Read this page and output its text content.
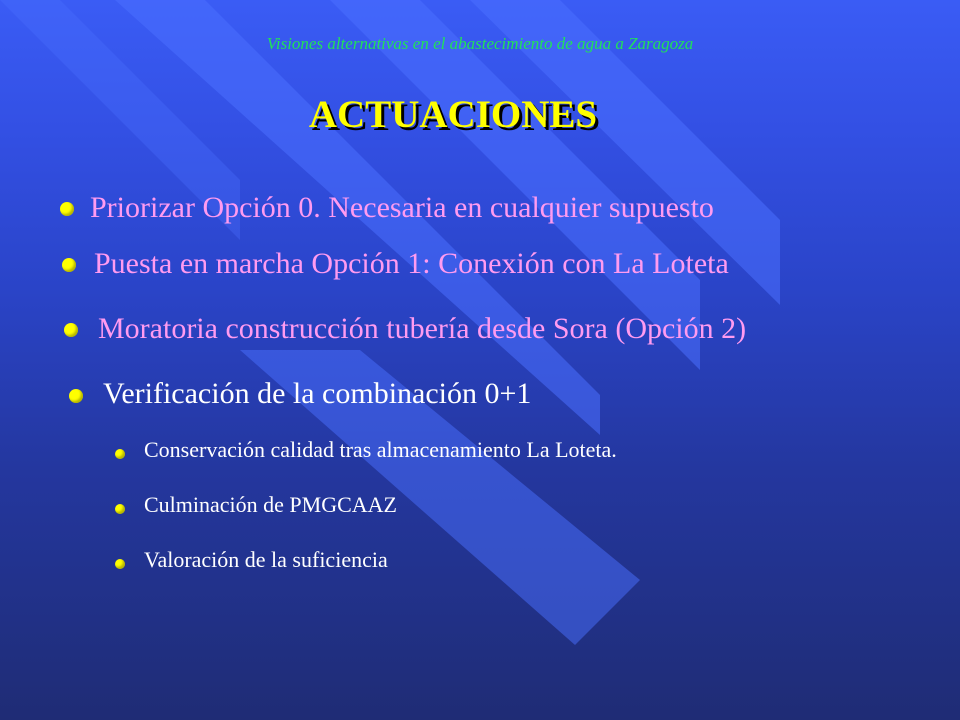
Visiones alternativas en el abastecimiento de agua a Zaragoza
ACTUACIONES
Priorizar Opción 0. Necesaria en cualquier supuesto
Puesta en marcha Opción 1: Conexión con La Loteta
Moratoria construcción tubería desde Sora (Opción 2)
Verificación de la combinación 0+1
Conservación calidad tras almacenamiento La Loteta.
Culminación de PMGCAAZ
Valoración de la suficiencia
